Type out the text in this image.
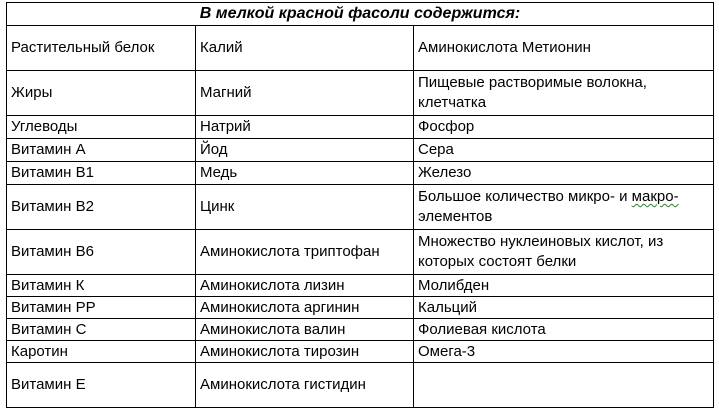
В мелкой красной фасоли содержится:		
Растительный белок	Калий	Аминокислота Метионин
Жиры	Магний	Пищевые растворимые волокна, клетчатка
Углеводы	Натрий	Фосфор
Витамин А	Йод	Сера
Витамин В1	Медь	Железо
Витамин В2	Цинк	Большое количество микро- и макро- элементов
Витамин В6	Аминокислота триптофан	Множество нуклеиновых кислот, из которых состоят белки
Витамин К	Аминокислота лизин	Молибден
Витамин РР	Аминокислота аргинин	Кальций
Витамин С	Аминокислота валин	Фолиевая кислота
Каротин	Аминокислота тирозин	Омега-3
Витамин Е	Аминокислота гистидин	
